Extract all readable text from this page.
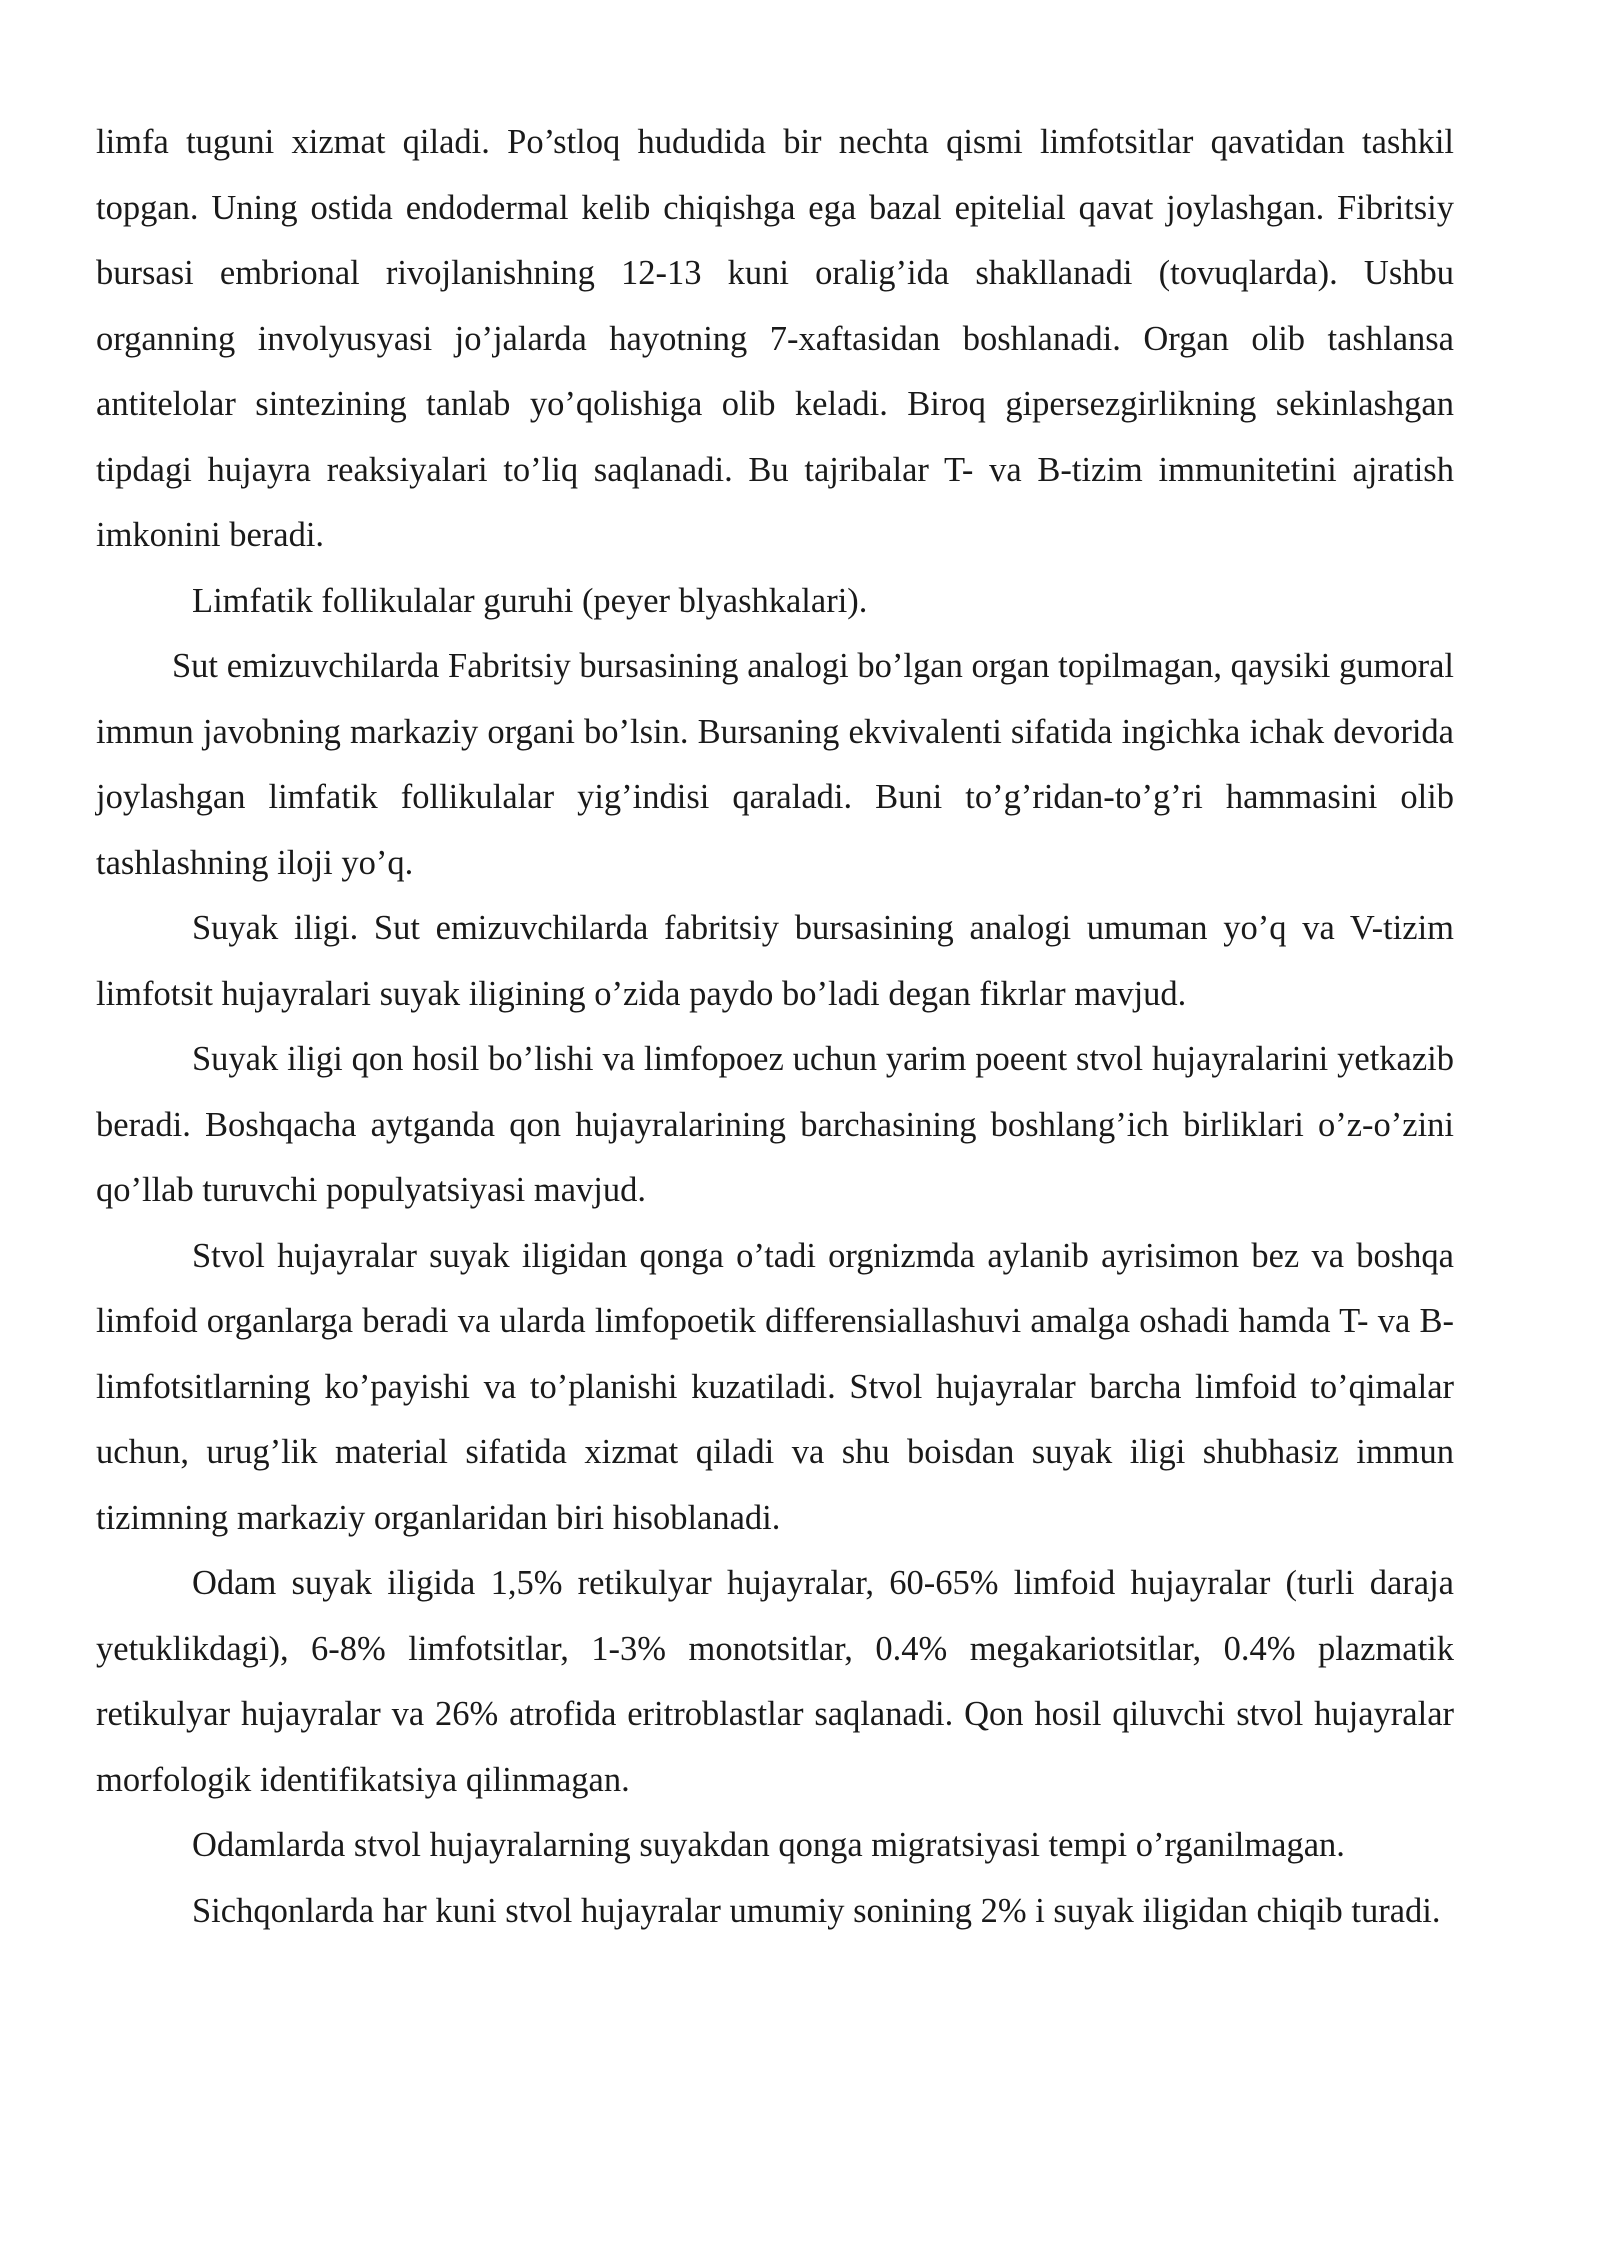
limfa tuguni xizmat qiladi. Po’stloq hududida bir nechta qismi limfotsitlar qavatidan tashkil topgan. Uning ostida endodermal kelib chiqishga ega bazal epitelial qavat joylashgan. Fibritsiy bursasi embrional rivojlanishning 12-13 kuni oralig’ida shakllanadi (tovuqlarda). Ushbu organning involyusyasi jo’jalarda hayotning 7-xaftasidan boshlanadi. Organ olib tashlansa antitelolar sintezining tanlab yo’qolishiga olib keladi. Biroq gipersezgirlikning sekinlashgan tipdagi hujayra reaksiyalari to’liq saqlanadi. Bu tajribalar T- va B-tizim immunitetini ajratish imkonini beradi.

Limfatik follikulalar guruhi (peyer blyashkalari).

Sut emizuvchilarda Fabritsiy bursasining analogi bo’lgan organ topilmagan, qaysiki gumoral immun javobning markaziy organi bo’lsin. Bursaning ekvivalenti sifatida ingichka ichak devorida joylashgan limfatik follikulalar yig’indisi qaraladi. Buni to’g’ridan-to’g’ri hammasini olib tashlashning iloji yo’q.

Suyak iligi. Sut emizuvchilarda fabritsiy bursasining analogi umuman yo’q va V-tizim limfotsit hujayralari suyak iligining o’zida paydo bo’ladi degan fikrlar mavjud.

Suyak iligi qon hosil bo’lishi va limfopoez uchun yarim poeent stvol hujayralarini yetkazib beradi. Boshqacha aytganda qon hujayralarining barchasining boshlang’ich birliklari o’z-o’zini qo’llab turuvchi populyatsiyasi mavjud.

Stvol hujayralar suyak iligidan qonga o’tadi orgnizmda aylanib ayrisimon bez va boshqa limfoid organlarga beradi va ularda limfopoetik differensiallashuvi amalga oshadi hamda T- va B-limfotsitlarning ko’payishi va to’planishi kuzatiladi. Stvol hujayralar barcha limfoid to’qimalar uchun, urug’lik material sifatida xizmat qiladi va shu boisdan suyak iligi shubhasiz immun tizimning markaziy organlaridan biri hisoblanadi.

Odam suyak iligida 1,5% retikulyar hujayralar, 60-65% limfoid hujayralar (turli daraja yetuklikdagi), 6-8% limfotsitlar, 1-3% monotsitlar, 0.4% megakariotsitlar, 0.4% plazmatik retikulyar hujayralar va 26% atrofida eritroblastlar saqlanadi. Qon hosil qiluvchi stvol hujayralar morfologik identifikatsiya qilinmagan.

Odamlarda stvol hujayralarning suyakdan qonga migratsiyasi tempi o’rganilmagan.

Sichqonlarda har kuni stvol hujayralar umumiy sonining 2% i suyak iligidan chiqib turadi.
